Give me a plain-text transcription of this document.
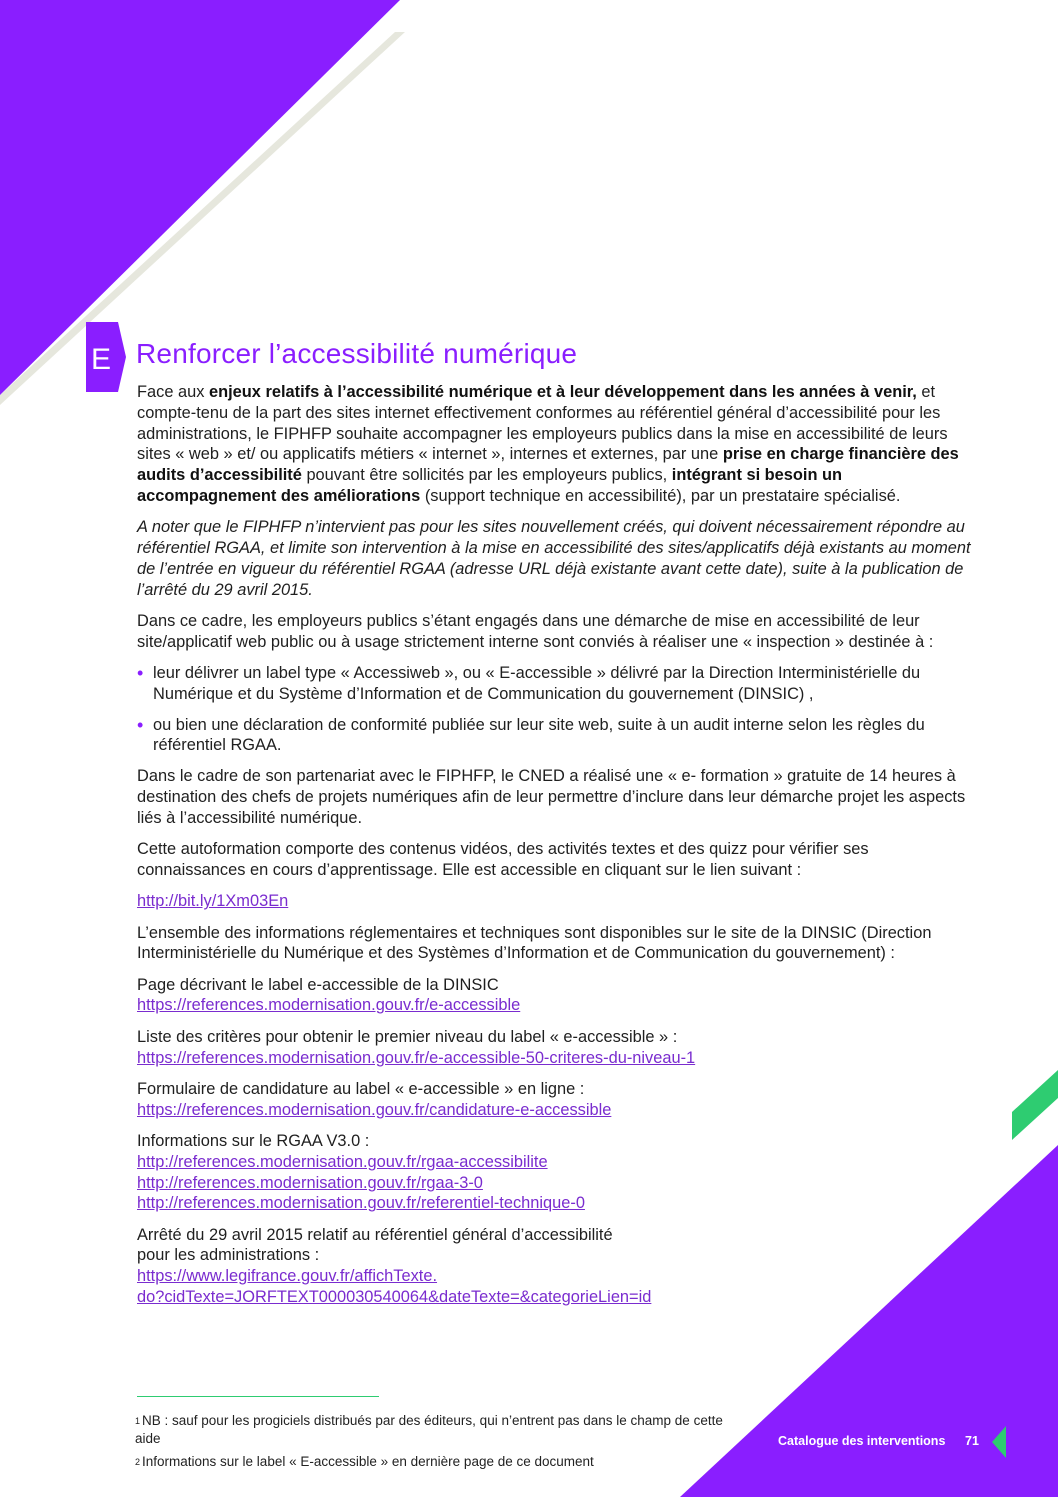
E Renforcer l’accessibilité numérique

Face aux enjeux relatifs à l’accessibilité numérique et à leur développement dans les années à venir, et compte-tenu de la part des sites internet effectivement conformes au référentiel général d’accessibilité pour les administrations, le FIPHFP souhaite accompagner les employeurs publics dans la mise en accessibilité de leurs sites « web » et/ ou applicatifs métiers « internet », internes et externes, par une prise en charge financière des audits d’accessibilité pouvant être sollicités par les employeurs publics, intégrant si besoin un accompagnement des améliorations (support technique en accessibilité), par un prestataire spécialisé.

A noter que le FIPHFP n’intervient pas pour les sites nouvellement créés, qui doivent nécessairement répondre au référentiel RGAA, et limite son intervention à la mise en accessibilité des sites/applicatifs déjà existants au moment de l’entrée en vigueur du référentiel RGAA (adresse URL déjà existante avant cette date), suite à la publication de l’arrêté du 29 avril 2015.

Dans ce cadre, les employeurs publics s’étant engagés dans une démarche de mise en accessibilité de leur site/applicatif web public ou à usage strictement interne sont conviés à réaliser une « inspection » destinée à :

• leur délivrer un label type « Accessiweb », ou « E-accessible » délivré par la Direction Interministérielle du Numérique et du Système d’Information et de Communication du gouvernement (DINSIC) ,
• ou bien une déclaration de conformité publiée sur leur site web, suite à un audit interne selon les règles du référentiel RGAA.

Dans le cadre de son partenariat avec le FIPHFP, le CNED a réalisé une « e- formation » gratuite de 14 heures à destination des chefs de projets numériques afin de leur permettre d’inclure dans leur démarche projet les aspects liés à l’accessibilité numérique.

Cette autoformation comporte des contenus vidéos, des activités textes et des quizz pour vérifier ses connaissances en cours d’apprentissage. Elle est accessible en cliquant sur le lien suivant :

http://bit.ly/1Xm03En

L’ensemble des informations réglementaires et techniques sont disponibles sur le site de la DINSIC (Direction Interministérielle du Numérique et des Systèmes d’Information et de Communication du gouvernement) :

Page décrivant le label e-accessible de la DINSIC
https://references.modernisation.gouv.fr/e-accessible

Liste des critères pour obtenir le premier niveau du label « e-accessible » :
https://references.modernisation.gouv.fr/e-accessible-50-criteres-du-niveau-1

Formulaire de candidature au label « e-accessible » en ligne :
https://references.modernisation.gouv.fr/candidature-e-accessible

Informations sur le RGAA V3.0 :
http://references.modernisation.gouv.fr/rgaa-accessibilite
http://references.modernisation.gouv.fr/rgaa-3-0
http://references.modernisation.gouv.fr/referentiel-technique-0

Arrêté du 29 avril 2015 relatif au référentiel général d’accessibilité
pour les administrations :
https://www.legifrance.gouv.fr/affichTexte.
do?cidTexte=JORFTEXT000030540064&dateTexte=&categorieLien=id

$^1$ NB : sauf pour les progiciels distribués par des éditeurs, qui n’entrent pas dans le champ de cette aide
$^2$ Informations sur le label « E-accessible » en dernière page de ce document
Catalogue des interventions 71
